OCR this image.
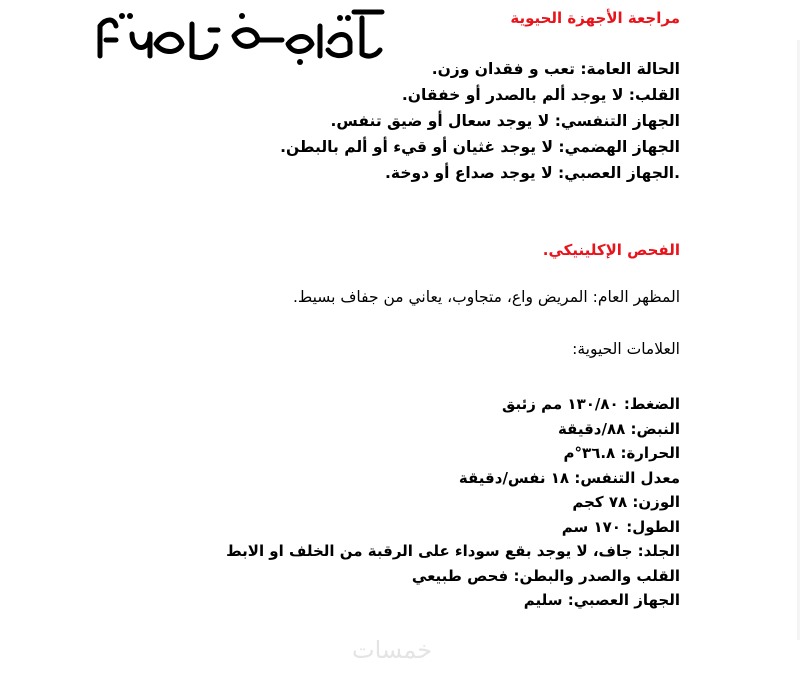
مراجعة الأجهزة الحيوية
الحالة العامة: تعب و فقدان وزن.
القلب: لا يوجد ألم بالصدر أو خفقان.
الجهاز التنفسي: لا يوجد سعال أو ضيق تنفس.
الجهاز الهضمي: لا يوجد غثيان أو قيء أو ألم بالبطن.
.الجهاز العصبي: لا يوجد صداع أو دوخة.
الفحص الإكلينيكي.
المظهر العام: المريض واع، متجاوب، يعاني من جفاف بسيط.
العلامات الحيوية:
الضغط: ١٣٠/٨٠ مم زئبق
النبض: ٨٨/دقيقة
الحرارة: ٣٦.٨°م
معدل التنفس: ١٨ نفس/دقيقة
الوزن: ٧٨ كجم
الطول: ١٧٠ سم
الجلد: جاف، لا يوجد بقع سوداء على الرقبة من الخلف او الابط
القلب والصدر والبطن: فحص طبيعي
الجهاز العصبي: سليم
خمسات
